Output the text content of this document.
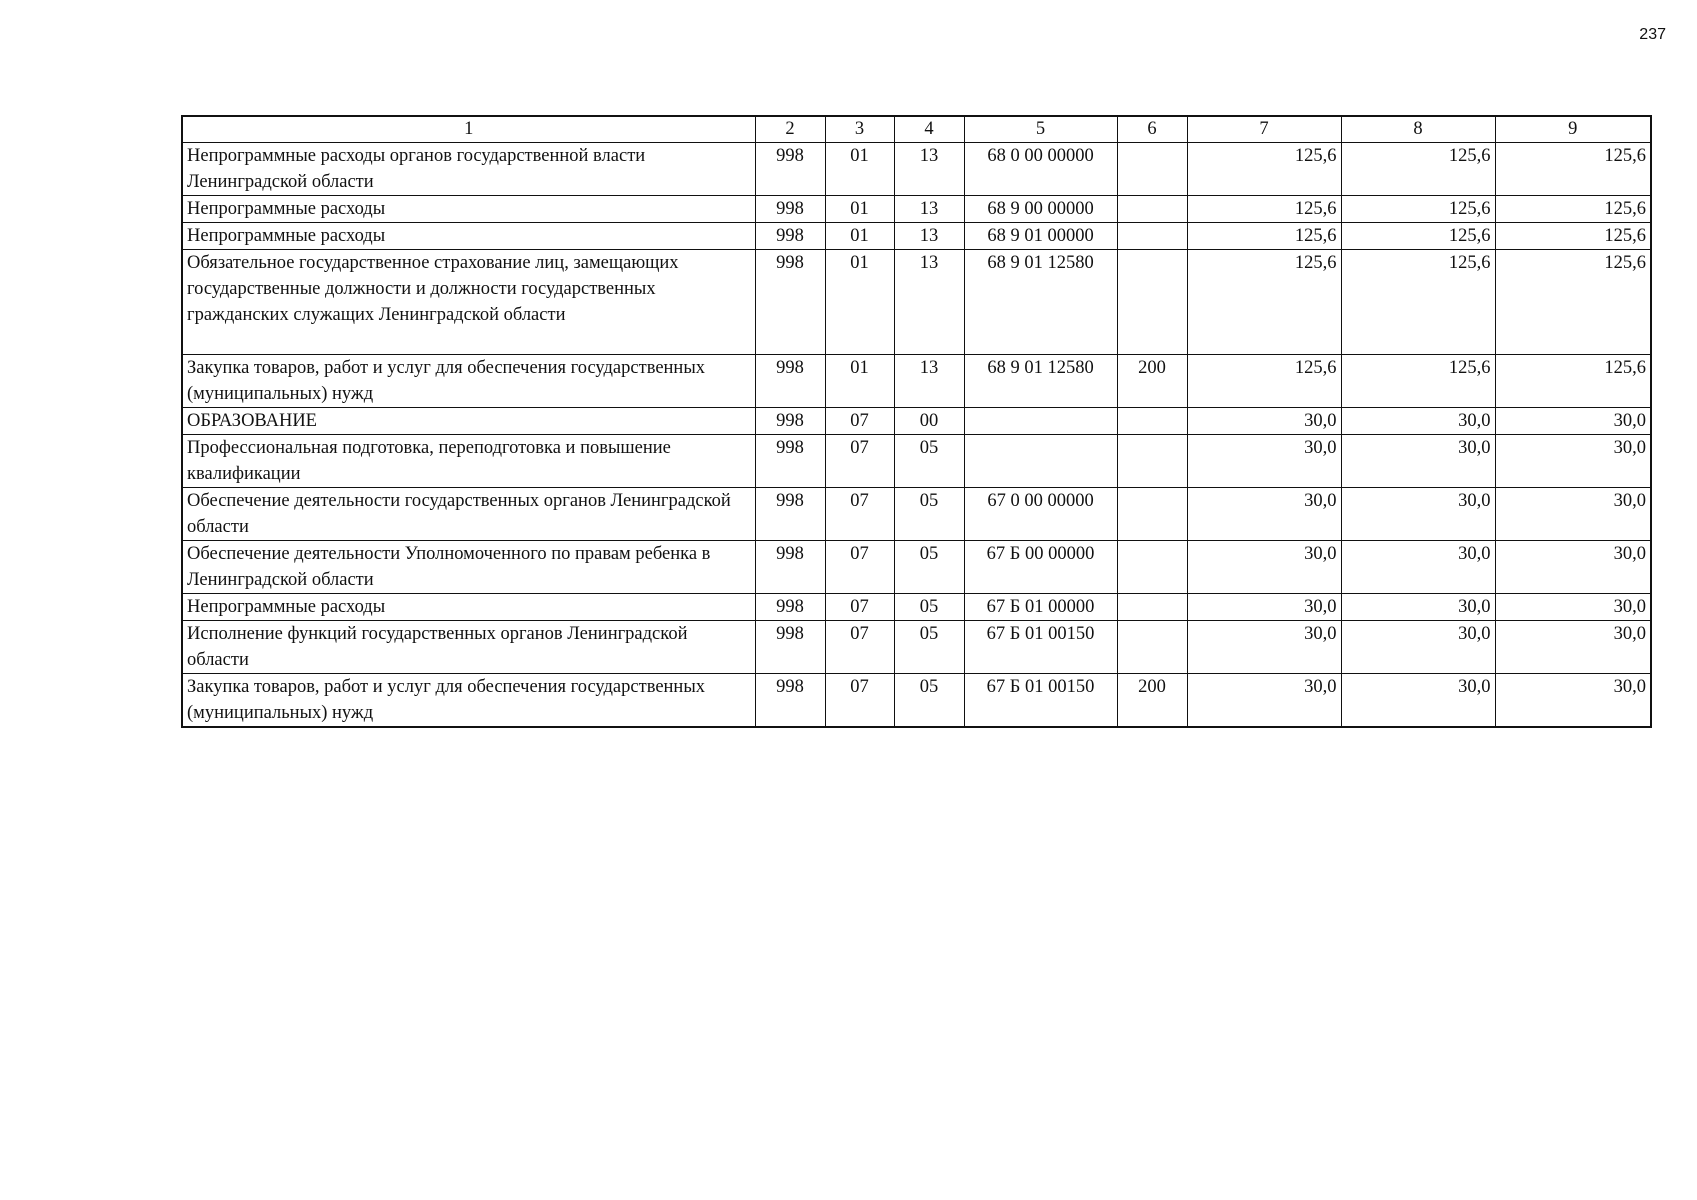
237
1	2	3	4	5	6	7	8	9
Непрограммные расходы органов государственной власти Ленинградской области	998	01	13	68 0 00 00000		125,6	125,6	125,6
Непрограммные расходы	998	01	13	68 9 00 00000		125,6	125,6	125,6
Непрограммные расходы	998	01	13	68 9 01 00000		125,6	125,6	125,6
Обязательное государственное страхование лиц, замещающих государственные должности и должности государственных гражданских служащих Ленинградской области	998	01	13	68 9 01 12580		125,6	125,6	125,6
Закупка товаров, работ и услуг для обеспечения государственных (муниципальных) нужд	998	01	13	68 9 01 12580	200	125,6	125,6	125,6
ОБРАЗОВАНИЕ	998	07	00			30,0	30,0	30,0
Профессиональная подготовка, переподготовка и повышение квалификации	998	07	05			30,0	30,0	30,0
Обеспечение деятельности государственных органов Ленинградской области	998	07	05	67 0 00 00000		30,0	30,0	30,0
Обеспечение деятельности Уполномоченного по правам ребенка в Ленинградской области	998	07	05	67 Б 00 00000		30,0	30,0	30,0
Непрограммные расходы	998	07	05	67 Б 01 00000		30,0	30,0	30,0
Исполнение функций государственных органов Ленинградской области	998	07	05	67 Б 01 00150		30,0	30,0	30,0
Закупка товаров, работ и услуг для обеспечения государственных (муниципальных) нужд	998	07	05	67 Б 01 00150	200	30,0	30,0	30,0
